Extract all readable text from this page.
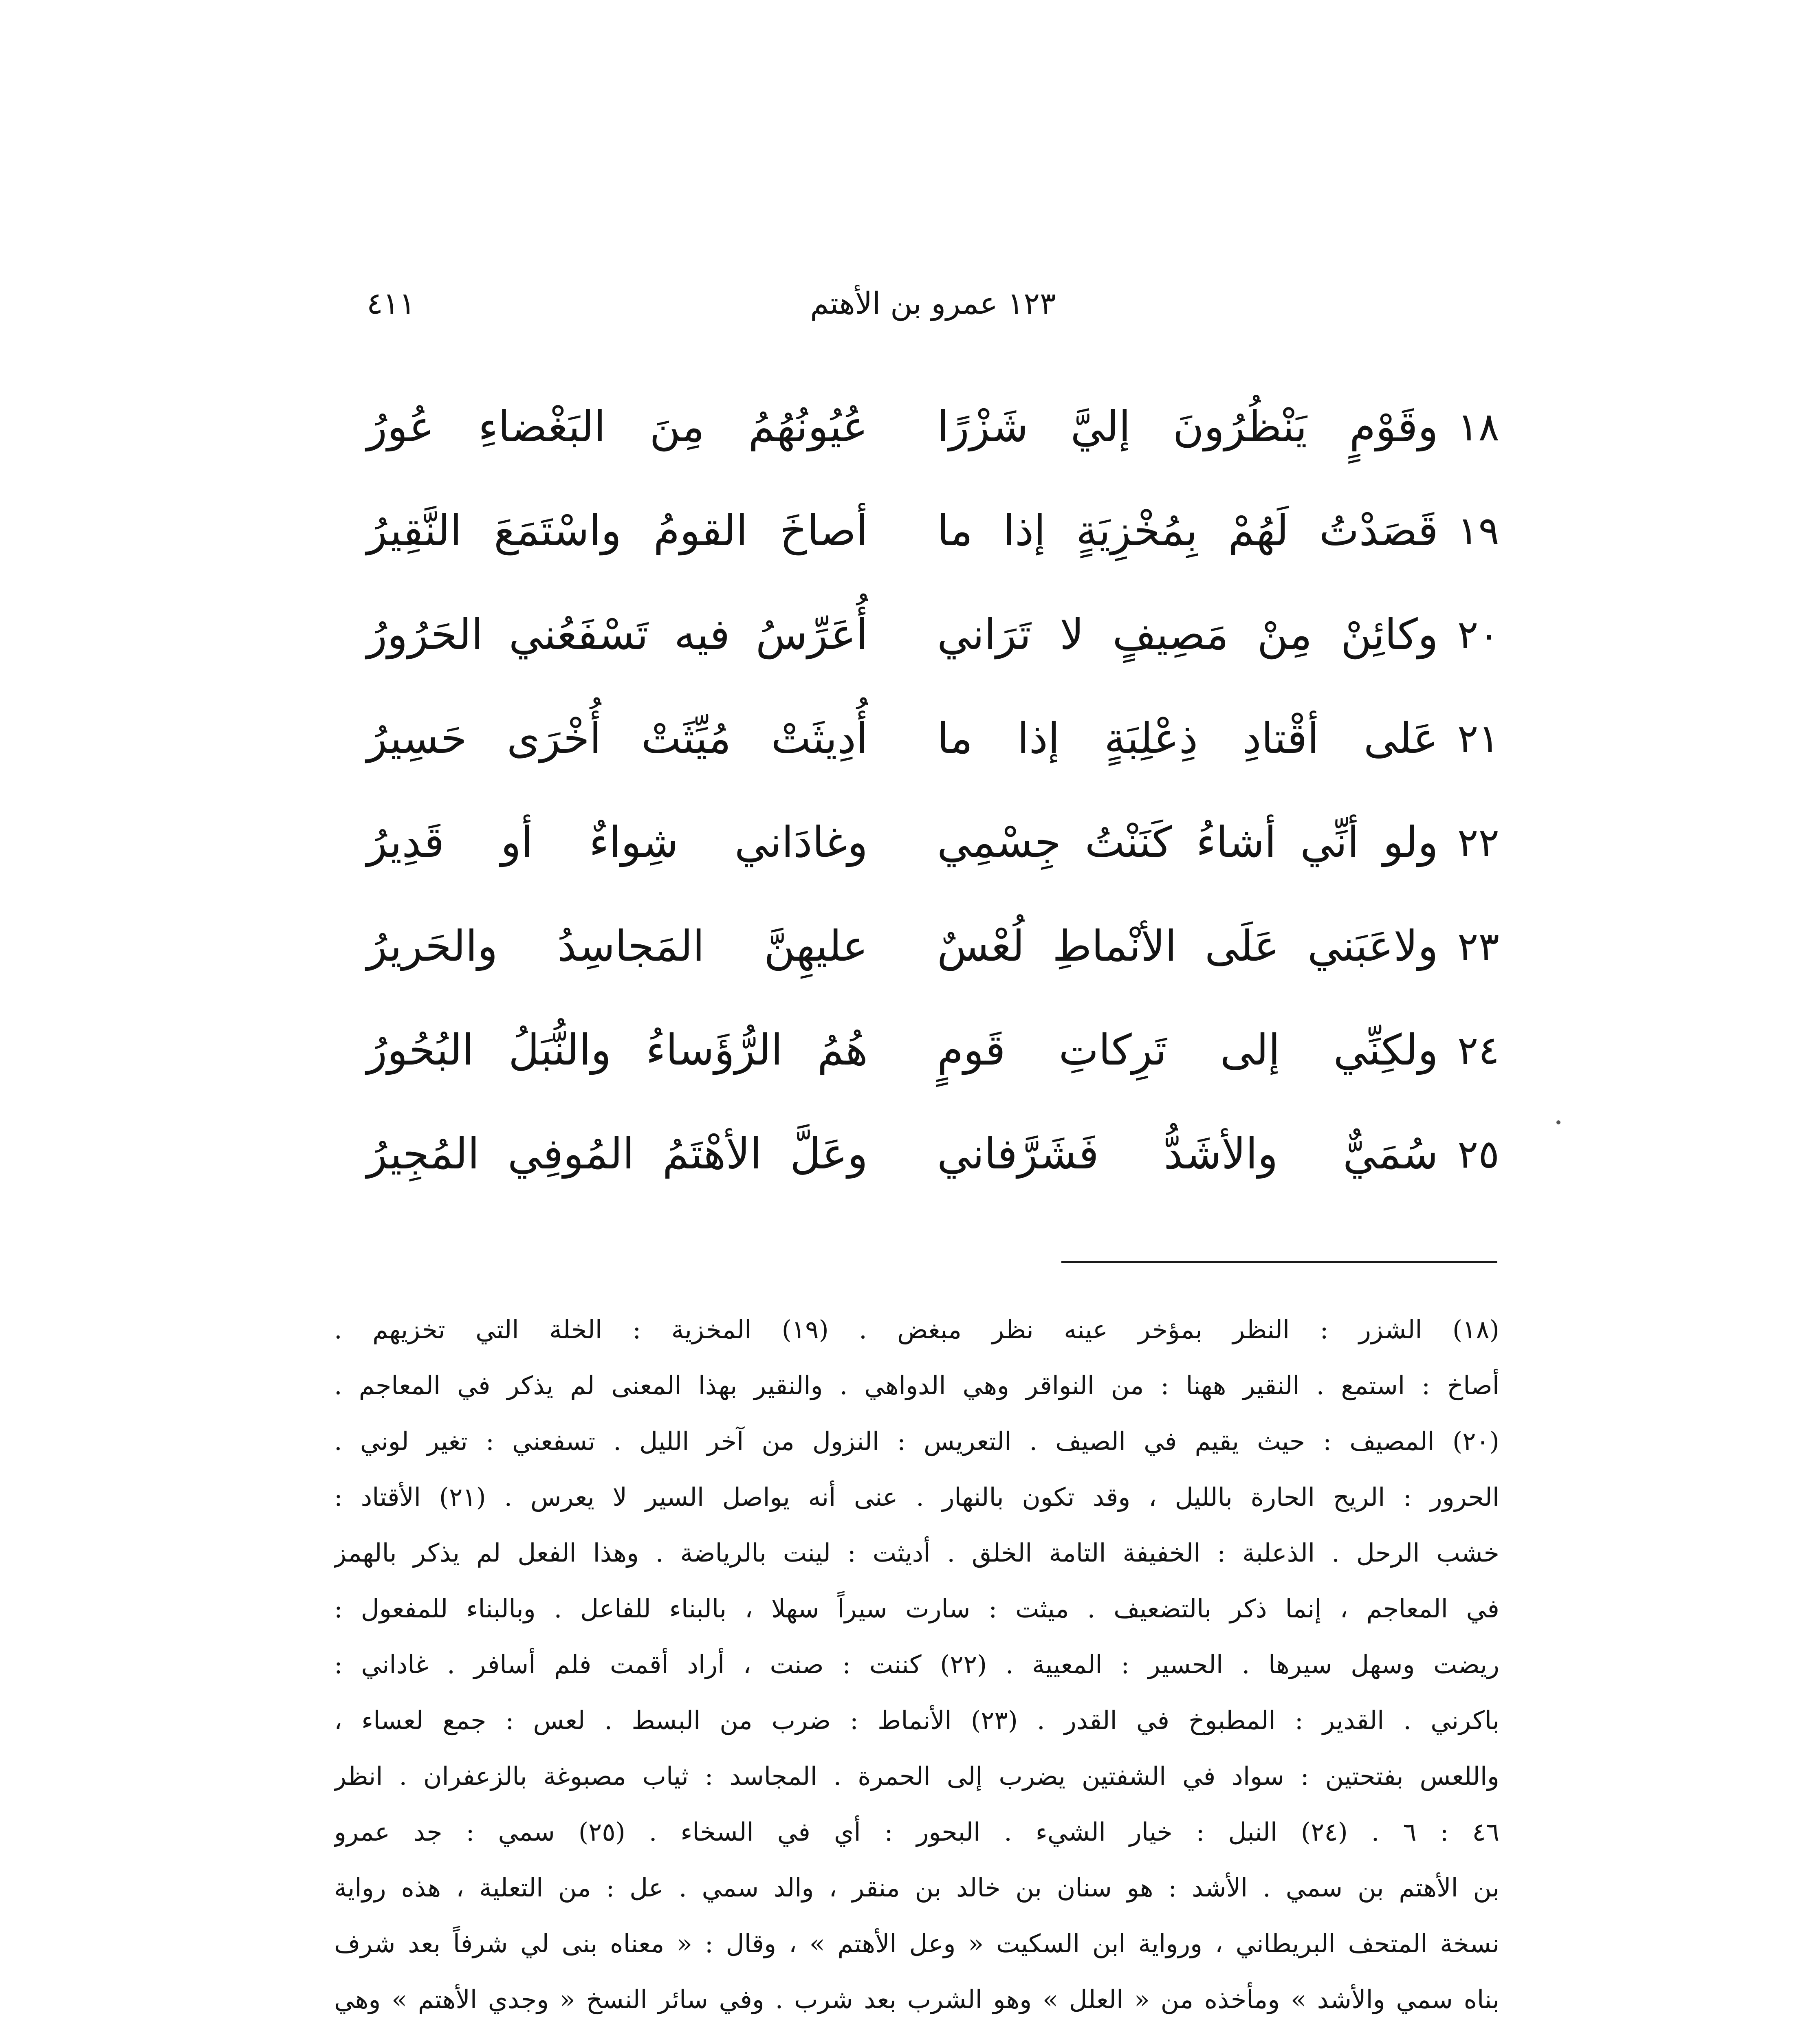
١٢٣ عمرو بن الأهتم
٤١١
١٨
وقَوْمٍ يَنْظُرُونَ إليَّ شَزْرًا
عُيُونُهُمُ مِنَ البَغْضاءِ عُورُ
١٩
قَصَدْتُ لَهُمْ بِمُخْزِيَةٍ إذا ما
أصاخَ القومُ واسْتَمَعَ النَّقِيرُ
٢٠
وكائِنْ مِنْ مَصِيفٍ لا تَرَاني
أُعَرِّسُ فيه تَسْفَعُني الحَرُورُ
٢١
عَلى أقْتادِ ذِعْلِبَةٍ إذا ما
أُدِيثَتْ مُيِّثَتْ أُخْرَى حَسِيرُ
٢٢
ولو أنِّي أشاءُ كَنَنْتُ جِسْمِي
وغادَاني شِواءٌ أو قَدِيرُ
٢٣
ولاعَبَني عَلَى الأنْماطِ لُعْسٌ
عليهِنَّ المَجاسِدُ والحَريرُ
٢٤
ولكِنِّي إلى تَرِكاتِ قَومٍ
هُمُ الرُّؤَساءُ والنُّبَلُ البُحُورُ
٢٥
سُمَيٌّ والأشَدُّ فَشَرَّفاني
وعَلَّ الأهْتَمُ المُوفِي المُجِيرُ
(١٨) الشزر : النظر بمؤخر عينه نظر مبغض . (١٩) المخزية : الخلة التي تخزيهم .
أصاخ : استمع . النقير ههنا : من النواقر وهي الدواهي . والنقير بهذا المعنى لم يذكر في المعاجم .
(٢٠) المصيف : حيث يقيم في الصيف . التعريس : النزول من آخر الليل . تسفعني : تغير لوني .
الحرور : الريح الحارة بالليل ، وقد تكون بالنهار . عنى أنه يواصل السير لا يعرس . (٢١) الأقتاد :
خشب الرحل . الذعلبة : الخفيفة التامة الخلق . أديثت : لينت بالرياضة . وهذا الفعل لم يذكر بالهمز
في المعاجم ، إنما ذكر بالتضعيف . ميثت : سارت سيراً سهلا ، بالبناء للفاعل . وبالبناء للمفعول :
ريضت وسهل سيرها . الحسير : المعيية . (٢٢) كننت : صنت ، أراد أقمت فلم أسافر . غاداني :
باكرني . القدير : المطبوخ في القدر . (٢٣) الأنماط : ضرب من البسط . لعس : جمع لعساء ،
واللعس بفتحتين : سواد في الشفتين يضرب إلى الحمرة . المجاسد : ثياب مصبوغة بالزعفران . انظر
٤٦ : ٦ . (٢٤) النبل : خيار الشيء . البحور : أي في السخاء . (٢٥) سمي : جد عمرو
بن الأهتم بن سمي . الأشد : هو سنان بن خالد بن منقر ، والد سمي . عل : من التعلية ، هذه رواية
نسخة المتحف البريطاني ، ورواية ابن السكيت « وعل الأهتم » ، وقال : « معناه بنى لي شرفاً بعد شرف
بناه سمي والأشد » ومأخذه من « العلل » وهو الشرب بعد شرب . وفي سائر النسخ « وجدي الأهتم » وهي
